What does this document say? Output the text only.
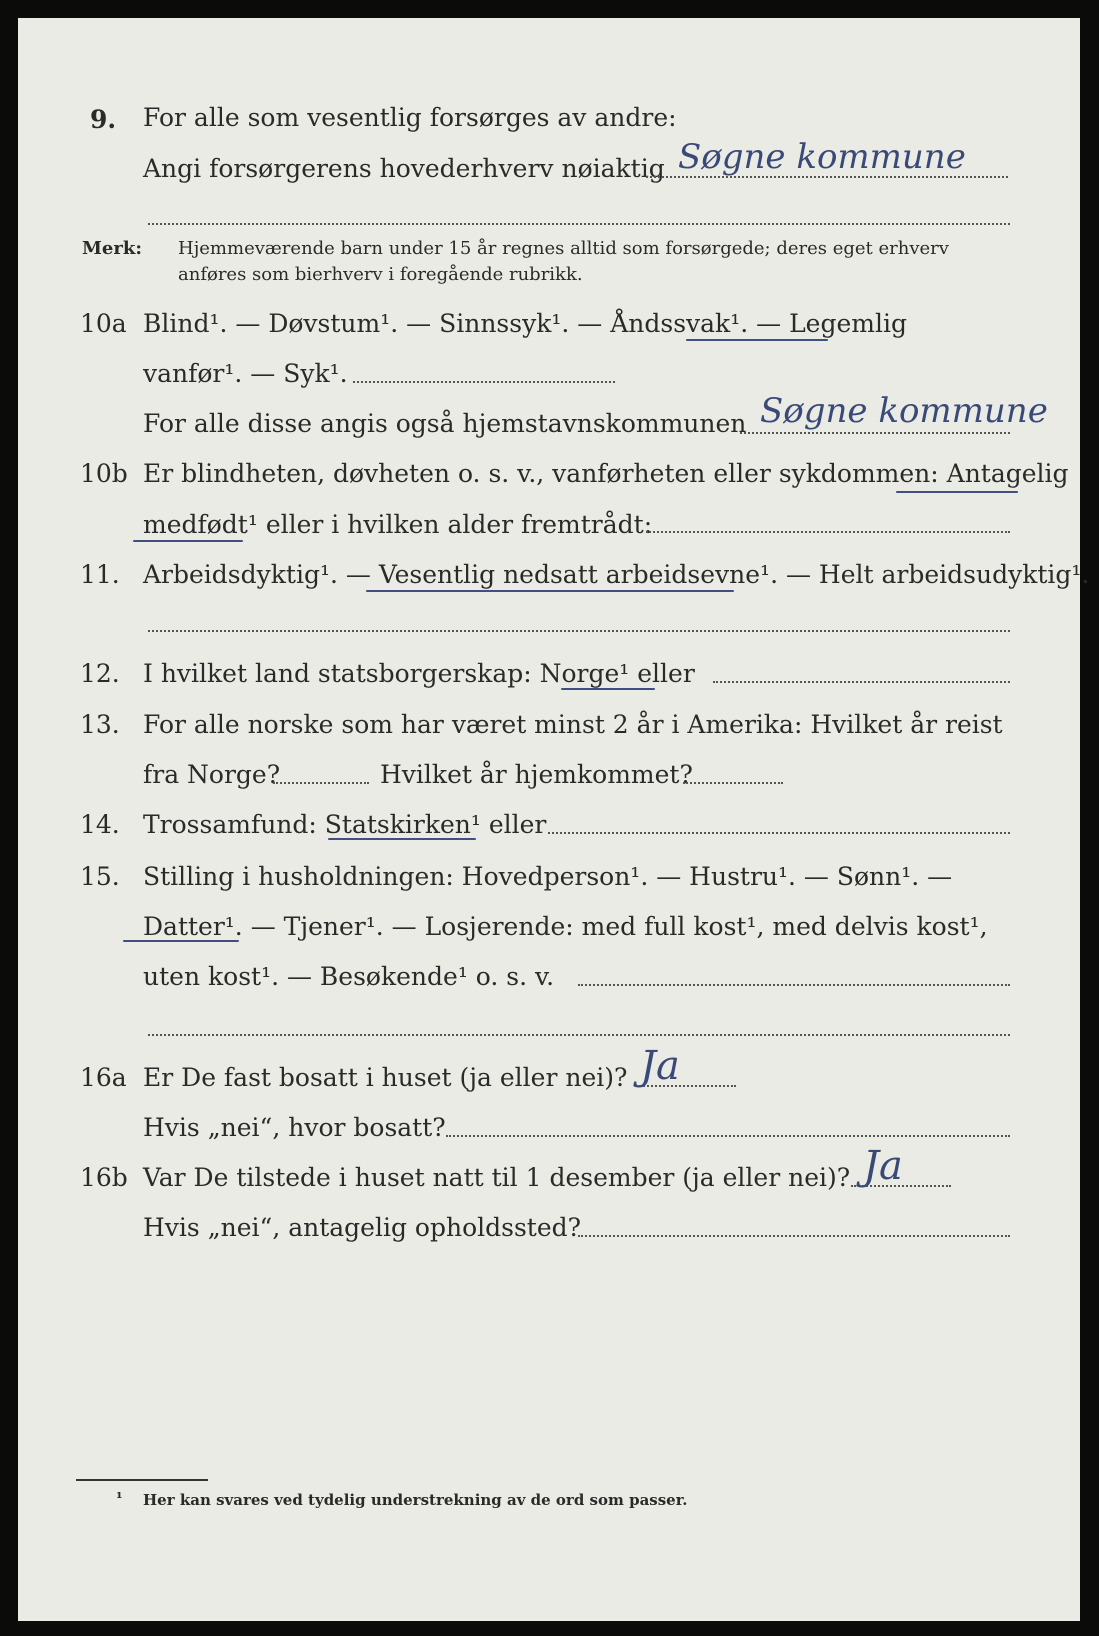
9. For alle som vesentlig forsørges av andre:
Angi forsørgerens hovederhverv nøiaktig Søgne kommune
Merk: Hjemmeværende barn under 15 år regnes alltid som forsørgede; deres eget erhverv
anføres som bierhverv i foregående rubrikk.
10a Blind¹. — Døvstum¹. — Sinnssyk¹. — Åndssvak¹. — Legemlig
vanfør¹. — Syk¹.
For alle disse angis også hjemstavnskommunen Søgne kommune
10b Er blindheten, døvheten o. s. v., vanførheten eller sykdommen: Antagelig
medfødt¹ eller i hvilken alder fremtrådt:
11. Arbeidsdyktig¹. — Vesentlig nedsatt arbeidsevne¹. — Helt arbeidsudyktig¹.
12. I hvilket land statsborgerskap: Norge¹ eller
13. For alle norske som har været minst 2 år i Amerika: Hvilket år reist
fra Norge?	Hvilket år hjemkommet?
14. Trossamfund: Statskirken¹ eller
15. Stilling i husholdningen: Hovedperson¹. — Hustru¹. — Sønn¹. —
Datter¹. — Tjener¹. — Losjerende: med full kost¹, med delvis kost¹,
uten kost¹. — Besøkende¹ o. s. v.
16a Er De fast bosatt i huset (ja eller nei)? Ja
Hvis „nei“, hvor bosatt?
16b Var De tilstede i huset natt til 1 desember (ja eller nei)? Ja
Hvis „nei“, antagelig opholdssted?
¹ Her kan svares ved tydelig understrekning av de ord som passer.
